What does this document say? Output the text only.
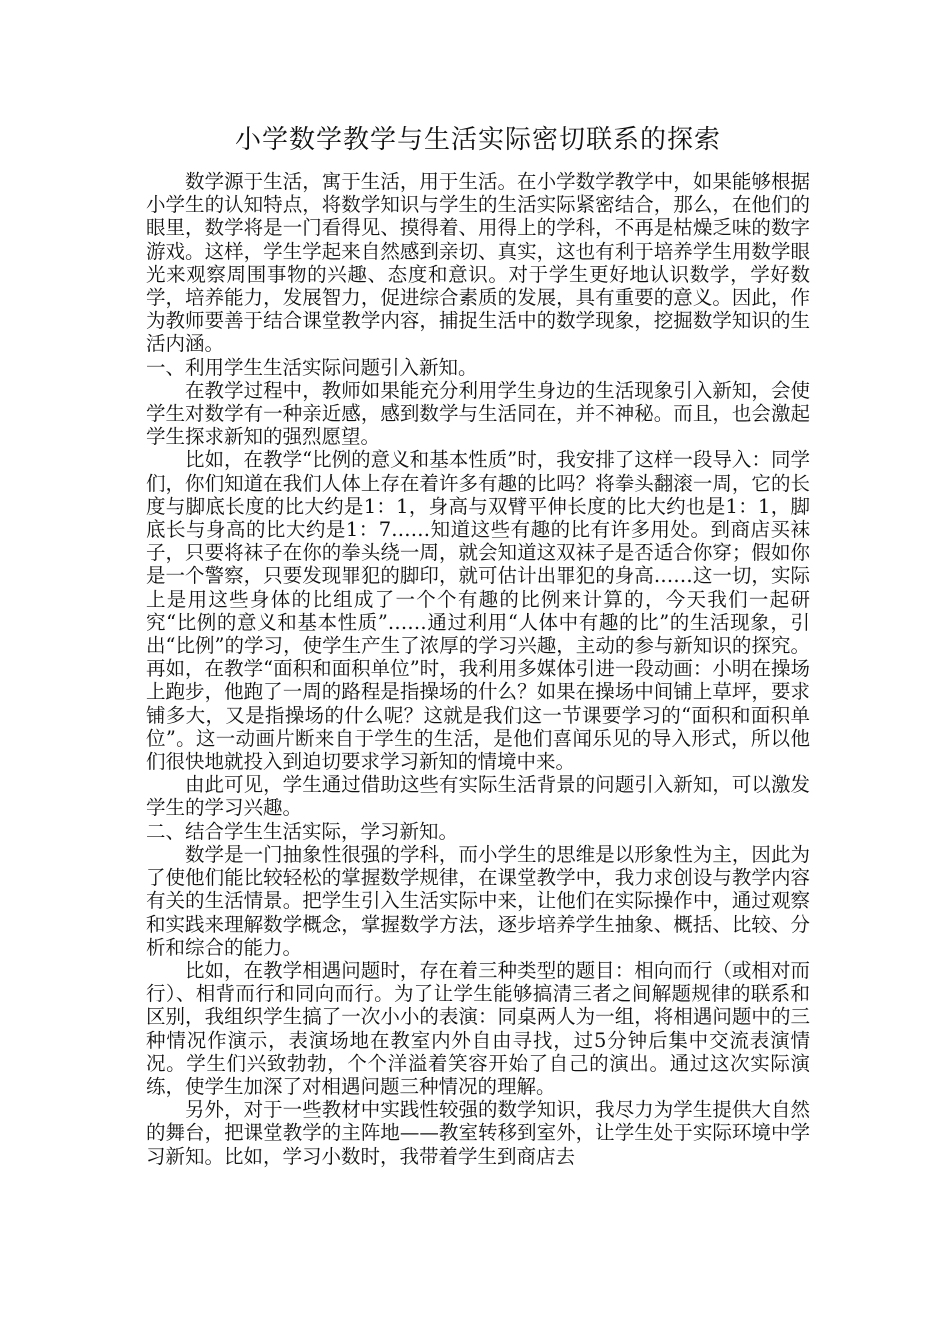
小学数学教学与生活实际密切联系的探索

数学源于生活，寓于生活，用于生活。在小学数学教学中，如果能够根据小学生的认知特点，将数学知识与学生的生活实际紧密结合，那么，在他们的眼里，数学将是一门看得见、摸得着、用得上的学科，不再是枯燥乏味的数字游戏。这样，学生学起来自然感到亲切、真实，这也有利于培养学生用数学眼光来观察周围事物的兴趣、态度和意识。对于学生更好地认识数学，学好数学，培养能力，发展智力，促进综合素质的发展，具有重要的意义。因此，作为教师要善于结合课堂教学内容，捕捉生活中的数学现象，挖掘数学知识的生活内涵。

一、利用学生生活实际问题引入新知。

在教学过程中，教师如果能充分利用学生身边的生活现象引入新知，会使学生对数学有一种亲近感，感到数学与生活同在，并不神秘。而且，也会激起学生探求新知的强烈愿望。

比如，在教学“比例的意义和基本性质”时，我安排了这样一段导入：同学们，你们知道在我们人体上存在着许多有趣的比吗？将拳头翻滚一周，它的长度与脚底长度的比大约是1：1，身高与双臂平伸长度的比大约也是1：1，脚底长与身高的比大约是1：7……知道这些有趣的比有许多用处。到商店买袜子，只要将袜子在你的拳头绕一周，就会知道这双袜子是否适合你穿；假如你是一个警察，只要发现罪犯的脚印，就可估计出罪犯的身高……这一切，实际上是用这些身体的比组成了一个个有趣的比例来计算的，今天我们一起研究“比例的意义和基本性质”……通过利用“人体中有趣的比”的生活现象，引出“比例”的学习，使学生产生了浓厚的学习兴趣，主动的参与新知识的探究。再如，在教学“面积和面积单位”时，我利用多媒体引进一段动画：小明在操场上跑步，他跑了一周的路程是指操场的什么？如果在操场中间铺上草坪，要求铺多大，又是指操场的什么呢？这就是我们这一节课要学习的“面积和面积单位”。这一动画片断来自于学生的生活，是他们喜闻乐见的导入形式，所以他们很快地就投入到迫切要求学习新知的情境中来。

由此可见，学生通过借助这些有实际生活背景的问题引入新知，可以激发学生的学习兴趣。

二、结合学生生活实际，学习新知。

数学是一门抽象性很强的学科，而小学生的思维是以形象性为主，因此为了使他们能比较轻松的掌握数学规律，在课堂教学中，我力求创设与教学内容有关的生活情景。把学生引入生活实际中来，让他们在实际操作中，通过观察和实践来理解数学概念，掌握数学方法，逐步培养学生抽象、概括、比较、分析和综合的能力。

比如，在教学相遇问题时，存在着三种类型的题目：相向而行（或相对而行）、相背而行和同向而行。为了让学生能够搞清三者之间解题规律的联系和区别，我组织学生搞了一次小小的表演：同桌两人为一组，将相遇问题中的三种情况作演示，表演场地在教室内外自由寻找，过5分钟后集中交流表演情况。学生们兴致勃勃，个个洋溢着笑容开始了自己的演出。通过这次实际演练，使学生加深了对相遇问题三种情况的理解。

另外，对于一些教材中实践性较强的数学知识，我尽力为学生提供大自然的舞台，把课堂教学的主阵地——教室转移到室外，让学生处于实际环境中学习新知。比如，学习小数时，我带着学生到商店去
